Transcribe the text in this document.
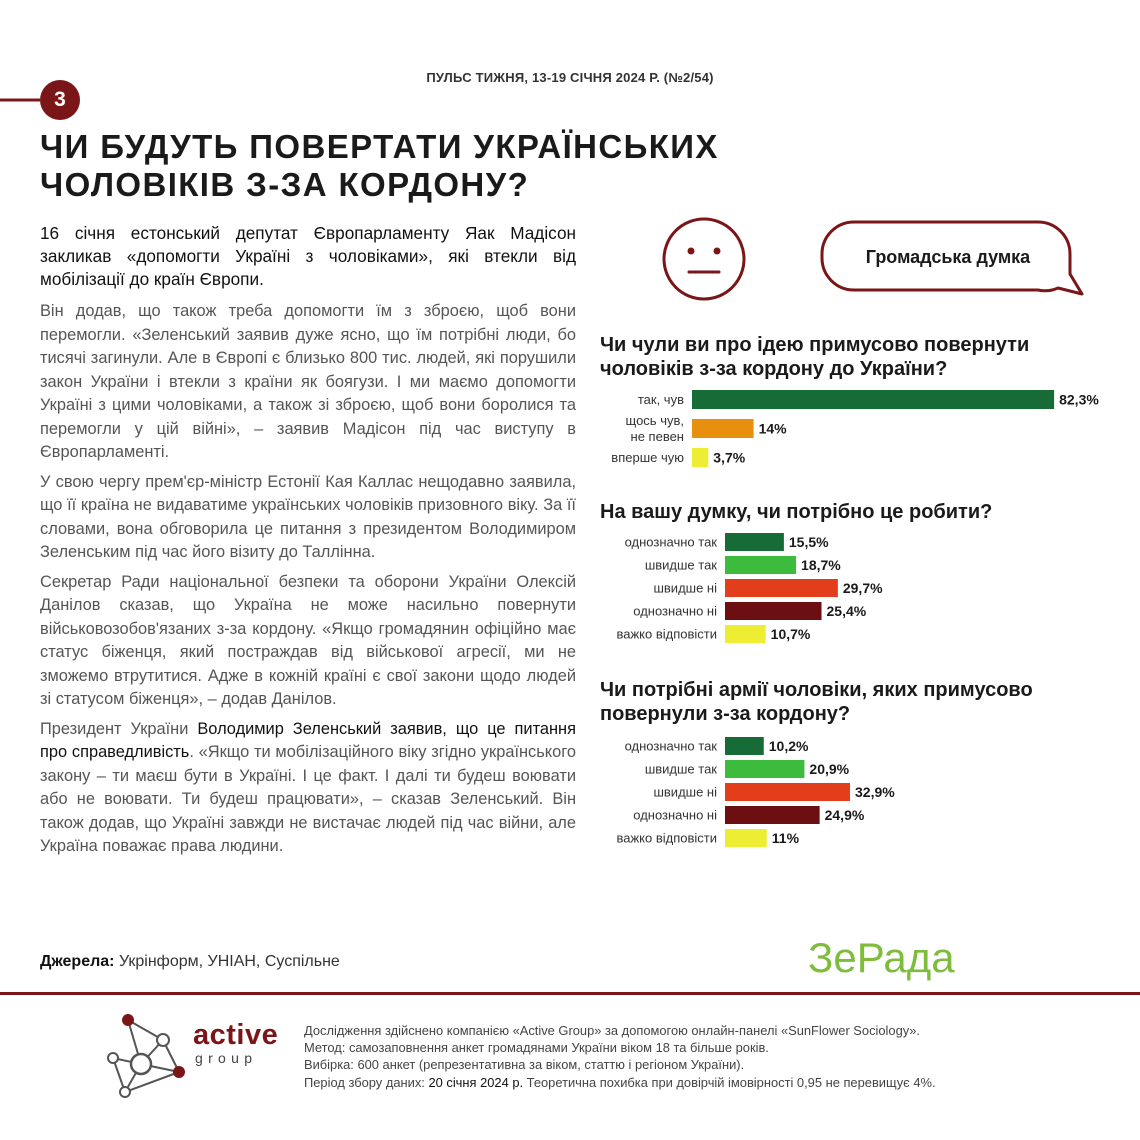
ПУЛЬС ТИЖНЯ, 13-19 СІЧНЯ 2024 Р. (№2/54)
3
ЧИ БУДУТЬ ПОВЕРТАТИ УКРАЇНСЬКИХ
ЧОЛОВІКІВ З-ЗА КОРДОНУ?

16 січня естонський депутат Європарламенту Яак Мадісон закликав «допомогти Україні з чоловіками», які втекли від мобілізації до країн Європи.

Він додав, що також треба допомогти їм з зброєю, щоб вони перемогли. «Зеленський заявив дуже ясно, що їм потрібні люди, бо тисячі загинули. Але в Європі є близько 800 тис. людей, які порушили закон України і втекли з країни як боягузи. І ми маємо допомогти Україні з цими чоловіками, а також зі зброєю, щоб вони боролися та перемогли у цій війні», – заявив Мадісон під час виступу в Європарламенті.

У свою чергу прем'єр-міністр Естонії Кая Каллас нещодавно заявила, що її країна не видаватиме українських чоловіків призовного віку. За її словами, вона обговорила це питання з президентом Володимиром Зеленським під час його візиту до Таллінна.

Секретар Ради національної безпеки та оборони України Олексій Данілов сказав, що Україна не може насильно повернути військовозобов'язаних з-за кордону. «Якщо громадянин офіційно має статус біженця, який постраждав від військової агресії, ми не зможемо втрутитися. Адже в кожній країні є свої закони щодо людей зі статусом біженця», – додав Данілов.

Президент України Володимир Зеленський заявив, що це питання про справедливість. «Якщо ти мобілізаційного віку згідно українського закону – ти маєш бути в Україні. І це факт. І далі ти будеш воювати або не воювати. Ти будеш працювати», – сказав Зеленський. Він також додав, що Україні завжди не вистачає людей під час війни, але Україна поважає права людини.

Джерела: Укрінформ, УНІАН, Суспільне
Громадська думка
Чи чули ви про ідею примусово повернути чоловіків з-за кордону до України?
На вашу думку, чи потрібно це робити?
Чи потрібні армії чоловіки, яких примусово повернули з-за кордону?
так, чув	82,3%
щось чув, не певен	14%
вперше чую 3,7%
однозначно так	15,5%
швидше так	18,7%
швидше ні	29,7%
однозначно ні	25,4%
важко відповісти	10,7%
однозначно так	10,2%
швидше так	20,9%
швидше ні	32,9%
однозначно ні	24,9%
важко відповісти	11%
ЗеРада
active
group
Дослідження здійснено компанією «Active Group» за допомогою онлайн-панелі «SunFlower Sociology».
Метод: самозаповнення анкет громадянами України віком 18 та більше років.
Вибірка: 600 анкет (репрезентативна за віком, статтю і регіоном України).
Період збору даних: 20 січня 2024 р. Теоретична похибка при довірчій імовірності 0,95 не перевищує 4%.
